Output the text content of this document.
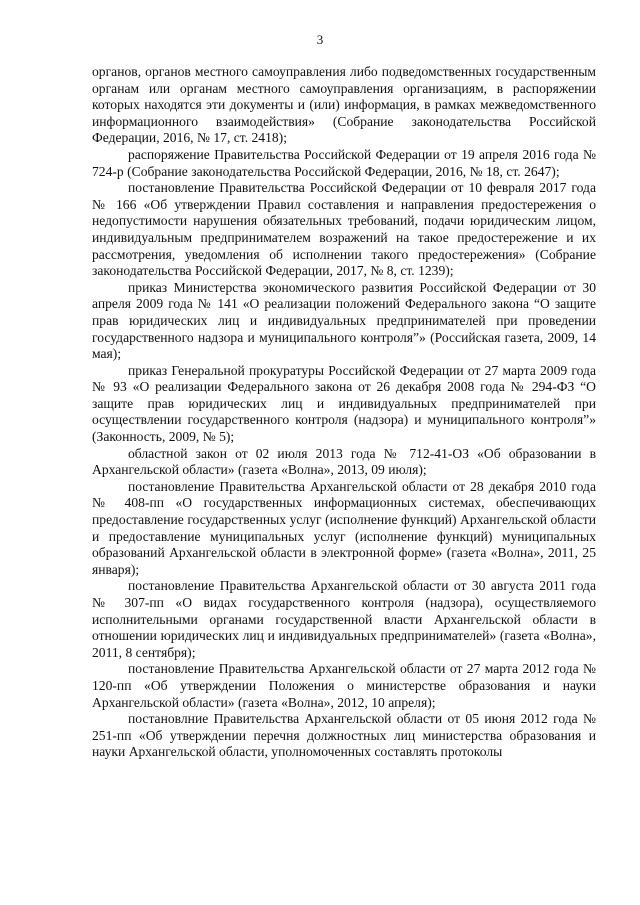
3

органов, органов местного самоуправления либо подведомственных государственным органам или органам местного самоуправления организациям, в распоряжении которых находятся эти документы и (или) информация, в рамках межведомственного информационного взаимодействия» (Собрание законодательства Российской Федерации, 2016, № 17, ст. 2418);

распоряжение Правительства Российской Федерации от 19 апреля 2016 года № 724-р (Собрание законодательства Российской Федерации, 2016, № 18, ст. 2647);

постановление Правительства Российской Федерации от 10 февраля 2017 года № 166 «Об утверждении Правил составления и направления предостережения о недопустимости нарушения обязательных требований, подачи юридическим лицом, индивидуальным предпринимателем возражений на такое предостережение и их рассмотрения, уведомления об исполнении такого предостережения» (Собрание законодательства Российской Федерации, 2017, № 8, ст. 1239);

приказ Министерства экономического развития Российской Федерации от 30 апреля 2009 года № 141 «О реализации положений Федерального закона “О защите прав юридических лиц и индивидуальных предпринимателей при проведении государственного надзора и муниципального контроля”» (Российская газета, 2009, 14 мая);

приказ Генеральной прокуратуры Российской Федерации от 27 марта 2009 года № 93 «О реализации Федерального закона от 26 декабря 2008 года № 294-ФЗ “О защите прав юридических лиц и индивидуальных предпринимателей при осуществлении государственного контроля (надзора) и муниципального контроля”» (Законность, 2009, № 5);

областной закон от 02 июля 2013 года № 712-41-ОЗ «Об образовании в Архангельской области» (газета «Волна», 2013, 09 июля);

постановление Правительства Архангельской области от 28 декабря 2010 года № 408-пп «О государственных информационных системах, обеспечивающих предоставление государственных услуг (исполнение функций) Архангельской области и предоставление муниципальных услуг (исполнение функций) муниципальных образований Архангельской области в электронной форме» (газета «Волна», 2011, 25 января);

постановление Правительства Архангельской области от 30 августа 2011 года № 307-пп «О видах государственного контроля (надзора), осуществляемого исполнительными органами государственной власти Архангельской области в отношении юридических лиц и индивидуальных предпринимателей» (газета «Волна», 2011, 8 сентября);

постановление Правительства Архангельской области от 27 марта 2012 года № 120-пп «Об утверждении Положения о министерстве образования и науки Архангельской области» (газета «Волна», 2012, 10 апреля);

постановлние Правительства Архангельской области от 05 июня 2012 года № 251-пп «Об утверждении перечня должностных лиц министерства образования и науки Архангельской области, уполномоченных составлять протоколы
